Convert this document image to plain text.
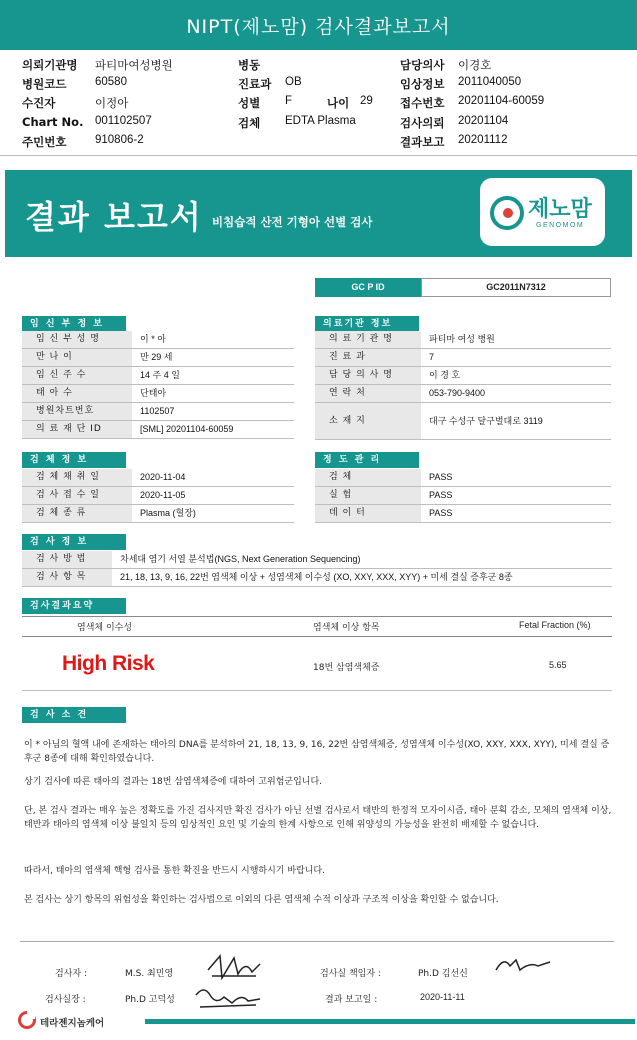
NIPT(제노맘) 검사결과보고서
의뢰기관명 파티마여성병원
병원코드 60580
수진자	이정아
Chart No. 001102507
주민번호 910806-2
병동
진료과 OB
성별 F
검체 EDTA Plasma
담당의사 이경호
임상정보 2011040050
접수번호 20201104-60059
검사의뢰 20201104
결과보고 20201112
나이 29
결과 보고서 비침습적 산전 기형아 선별 검사	제노맘
GENOMOM
GC P ID	GC2011N7312
임 신 부 정 보	의료기관 정보
임 신 부 성 명	이 * 아
만 나 이	만 29 세
임 신 주 수	14 주 4 일
태 아 수	단태아
병원차트번호	1102507
의 료 재 단 ID	[SML] 20201104-60059
의 료 기 관 명	파티마 여성 병원
진 료 과	7
담 당 의 사 명	이 경 호
연 락 처	053-790-9400
소 재 지	대구 수성구 달구벌대로 3119
검 체 정 보	정 도 관 리
검 체 채 취 일	2020-11-04
검 사 접 수 일	2020-11-05
검 체 종 류	Plasma (혈장)
검 체	PASS
실 험	PASS
데 이 터	PASS
검 사 정 보
검 사 방 법	차세대 염기 서열 분석법(NGS, Next Generation Sequencing)
검 사 항 목	21, 18, 13, 9, 16, 22번 염색체 이상 + 성염색체 이수성 (XO, XXY, XXX, XYY) + 미세 결실 증후군 8종
검사결과요약
염색체 이수성	염색체 이상 항목	Fetal Fraction (%)
High Risk	18번 삼염색체증	5.65
검 사 소 견
이 * 아님의 혈액 내에 존재하는 태아의 DNA를 분석하여 21, 18, 13, 9, 16, 22번 삼염색체증, 성염색체 이수성(XO, XXY, XXX, XYY), 미세 결실 증후군 8종에 대해 확인하였습니다.
상기 검사에 따른 태아의 결과는 18번 삼염색체증에 대하여 고위험군입니다.
단, 본 검사 결과는 매우 높은 정확도를 가진 검사지만 확진 검사가 아닌 선별 검사로서 태반의 한정적 모자이시즘, 태아 분획 감소, 모체의 염색체 이상, 태반과 태아의 염색체 이상 불일치 등의 임상적인 요인 및 기술의 한계 사항으로 인해 위양성의 가능성을 완전히 배제할 수 없습니다.
따라서, 태아의 염색체 핵형 검사를 통한 확진을 반드시 시행하시기 바랍니다.
본 검사는 상기 항목의 위험성을 확인하는 검사법으로 이외의 다른 염색체 수적 이상과 구조적 이상을 확인할 수 없습니다.
검사자 :	M.S. 최민영	검사실 책임자 :	Ph.D 김선신
검사실장 :	Ph.D 고덕성	결과 보고일 :	2020-11-11
테라젠지놈케어
